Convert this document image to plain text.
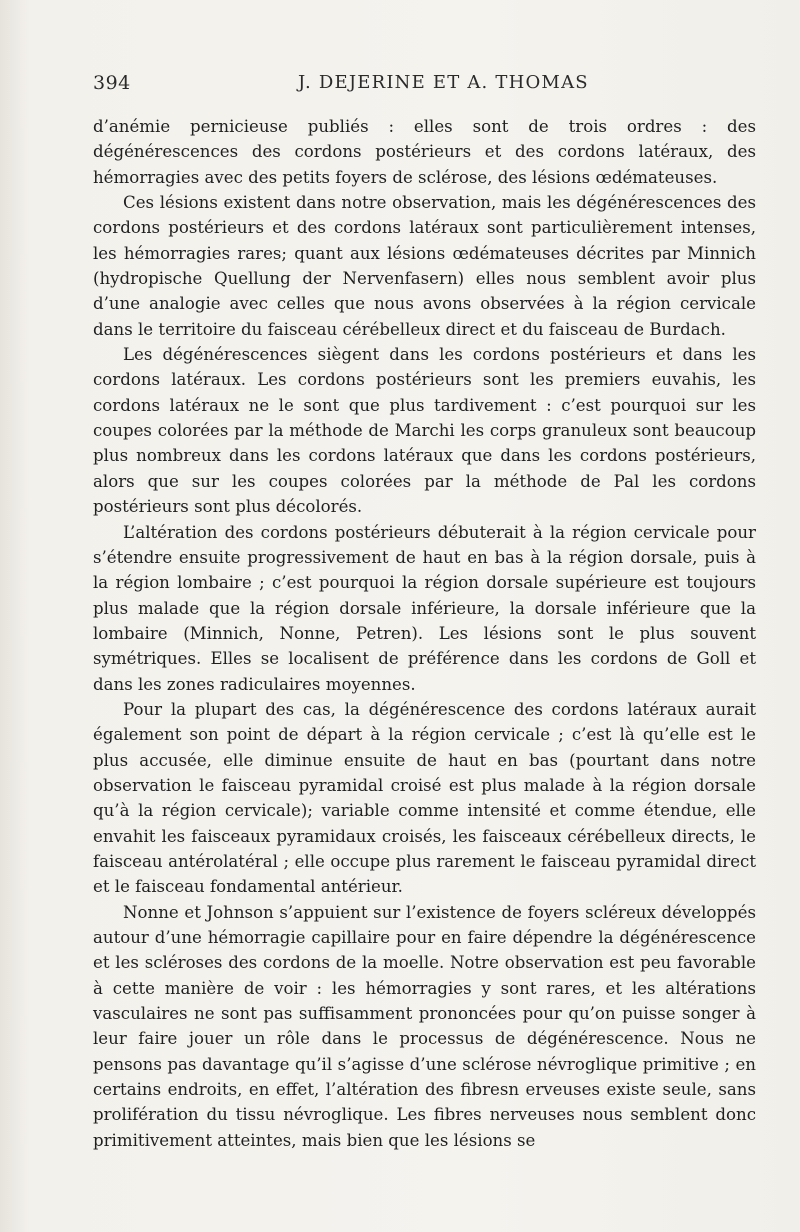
394	J. DEJERINE ET A. THOMAS

d’anémie pernicieuse publiés : elles sont de trois ordres : des dégénérescences des cordons postérieurs et des cordons latéraux, des hémorragies avec des petits foyers de sclérose, des lésions œdémateuses.

Ces lésions existent dans notre observation, mais les dégénérescences des cordons postérieurs et des cordons latéraux sont particulièrement intenses, les hémorragies rares; quant aux lésions œdémateuses décrites par Minnich (hydropische Quellung der Nervenfasern) elles nous semblent avoir plus d’une analogie avec celles que nous avons observées à la région cervicale dans le territoire du faisceau cérébelleux direct et du faisceau de Burdach.

Les dégénérescences siègent dans les cordons postérieurs et dans les cordons latéraux. Les cordons postérieurs sont les premiers euvahis, les cordons latéraux ne le sont que plus tardivement : c’est pourquoi sur les coupes colorées par la méthode de Marchi les corps granuleux sont beaucoup plus nombreux dans les cordons latéraux que dans les cordons postérieurs, alors que sur les coupes colorées par la méthode de Pal les cordons postérieurs sont plus décolorés.

L’altération des cordons postérieurs débuterait à la région cervicale pour s’étendre ensuite progressivement de haut en bas à la région dorsale, puis à la région lombaire ; c’est pourquoi la région dorsale supérieure est toujours plus malade que la région dorsale inférieure, la dorsale inférieure que la lombaire (Minnich, Nonne, Petren). Les lésions sont le plus souvent symétriques. Elles se localisent de préférence dans les cordons de Goll et dans les zones radiculaires moyennes.

Pour la plupart des cas, la dégénérescence des cordons latéraux aurait également son point de départ à la région cervicale ; c’est là qu’elle est le plus accusée, elle diminue ensuite de haut en bas (pourtant dans notre observation le faisceau pyramidal croisé est plus malade à la région dorsale qu’à la région cervicale); variable comme intensité et comme étendue, elle envahit les faisceaux pyramidaux croisés, les faisceaux cérébelleux directs, le faisceau antérolatéral ; elle occupe plus rarement le faisceau pyramidal direct et le faisceau fondamental antérieur.

Nonne et Johnson s’appuient sur l’existence de foyers scléreux développés autour d’une hémorragie capillaire pour en faire dépendre la dégénérescence et les scléroses des cordons de la moelle. Notre observation est peu favorable à cette manière de voir : les hémorragies y sont rares, et les altérations vasculaires ne sont pas suffisamment prononcées pour qu’on puisse songer à leur faire jouer un rôle dans le processus de dégénérescence. Nous ne pensons pas davantage qu’il s’agisse d’une sclérose névroglique primitive ; en certains endroits, en effet, l’altération des fibresn erveuses existe seule, sans prolifération du tissu névroglique. Les fibres nerveuses nous semblent donc primitivement atteintes, mais bien que les lésions se
